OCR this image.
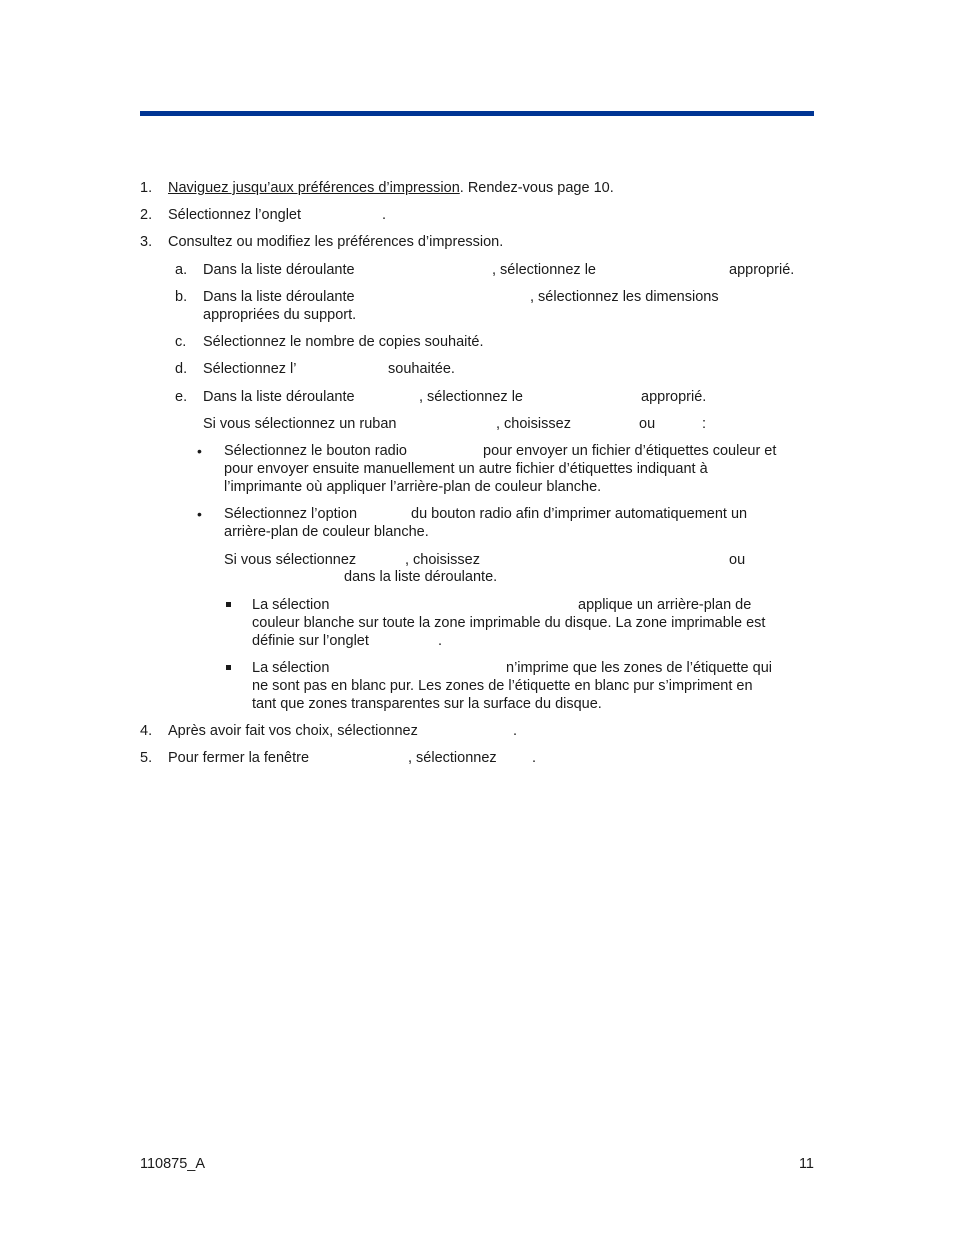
1. Naviguez jusqu’aux préférences d’impression. Rendez-vous page 10.
2. Sélectionnez l’onglet	.
3. Consultez ou modifiez les préférences d’impression.
a. Dans la liste déroulante	, sélectionnez le	approprié.
b. Dans la liste déroulante	, sélectionnez les dimensions
appropriées du support.
c. Sélectionnez le nombre de copies souhaité.
d. Sélectionnez l’	souhaitée.
e. Dans la liste déroulante	, sélectionnez le	approprié.
Si vous sélectionnez un ruban	, choisissez	ou	:
• Sélectionnez le bouton radio	pour envoyer un fichier d’étiquettes couleur et
pour envoyer ensuite manuellement un autre fichier d’étiquettes indiquant à
l’imprimante où appliquer l’arrière-plan de couleur blanche.
• Sélectionnez l’option	du bouton radio afin d’imprimer automatiquement un
arrière-plan de couleur blanche.
Si vous sélectionnez	, choisissez	ou
dans la liste déroulante.
La sélection	applique un arrière-plan de
couleur blanche sur toute la zone imprimable du disque. La zone imprimable est
définie sur l’onglet	.
La sélection	n’imprime que les zones de l’étiquette qui
ne sont pas en blanc pur. Les zones de l’étiquette en blanc pur s’impriment en
tant que zones transparentes sur la surface du disque.
4. Après avoir fait vos choix, sélectionnez	.
5. Pour fermer la fenêtre	, sélectionnez .
110875_A	11
